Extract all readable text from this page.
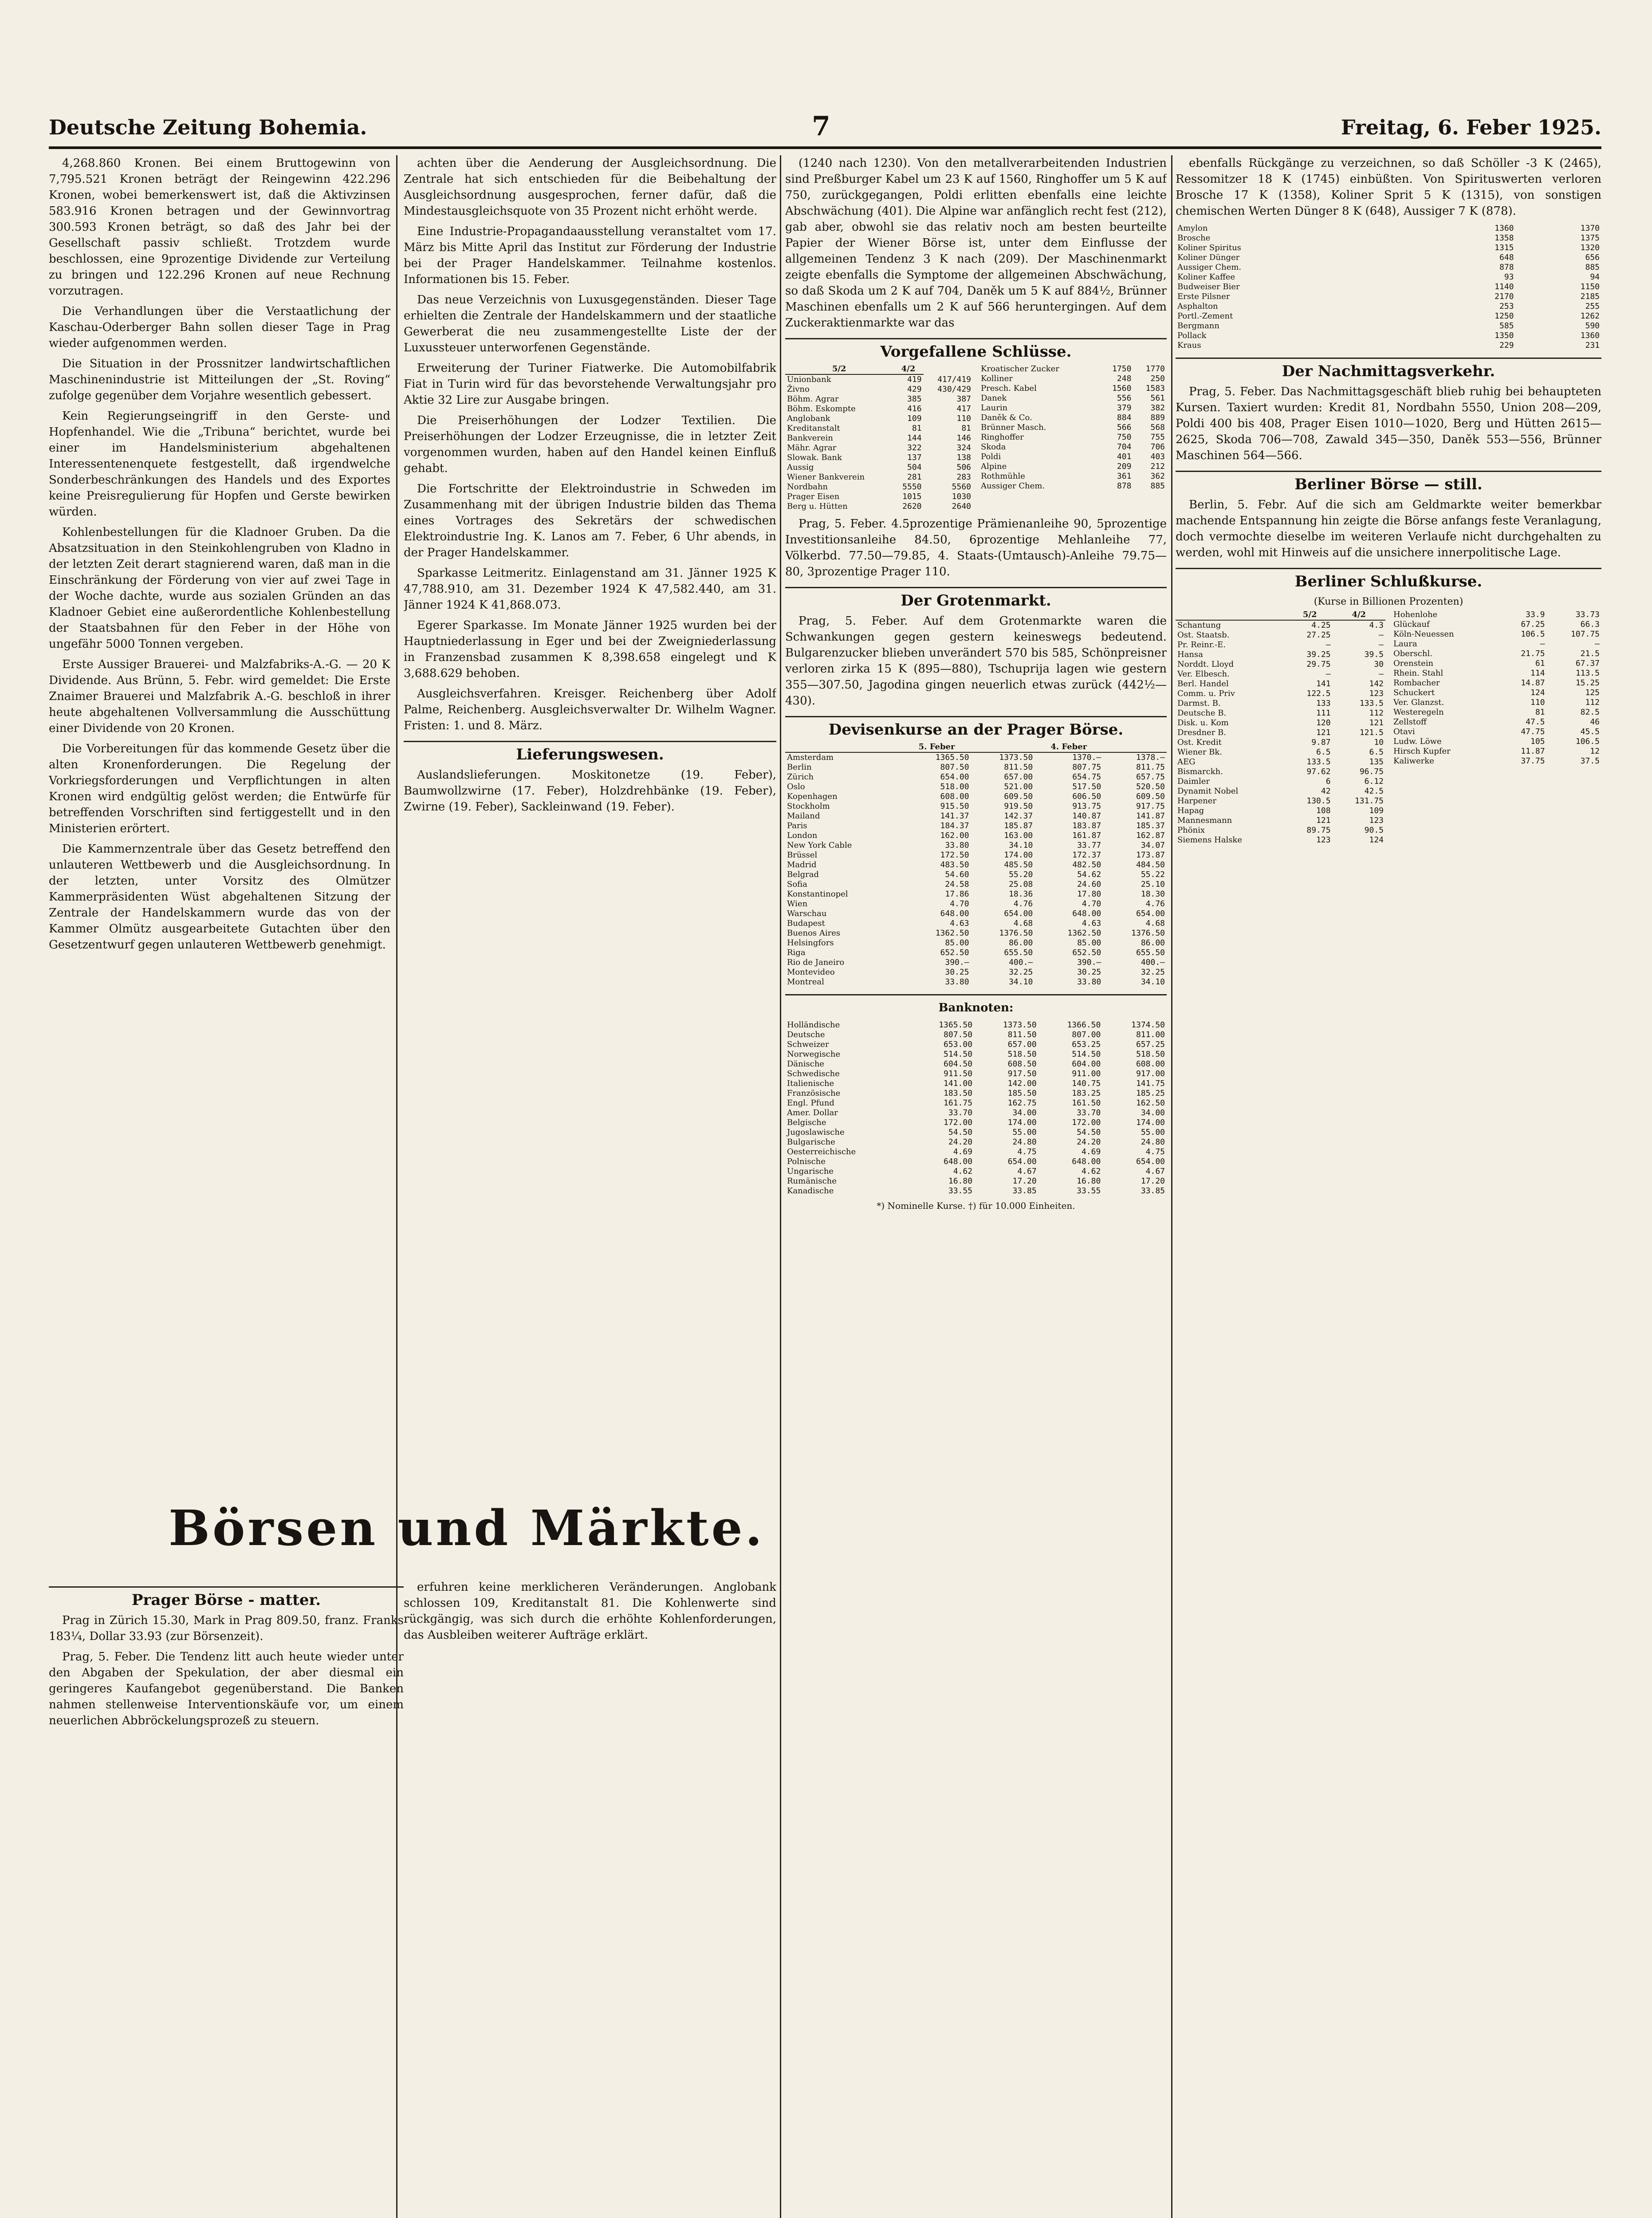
Deutsche Zeitung Bohemia.	7	Freitag, 6. Feber 1925.

4,268.860 Kronen. Bei einem Bruttogewinn von 7,795.521 Kronen beträgt der Reingewinn 422.296 Kronen, wobei bemerkenswert ist, daß die Aktivzinsen 583.916 Kronen betragen und der Gewinnvortrag 300.593 Kronen beträgt, so daß des Jahr bei der Gesellschaft passiv schließt. Trotzdem wurde beschlossen, eine 9prozentige Dividende zur Verteilung zu bringen und 122.296 Kronen auf neue Rechnung vorzutragen.

Die Verhandlungen über die Verstaatlichung der Kaschau-Oderberger Bahn sollen dieser Tage in Prag wieder aufgenommen werden.

Die Situation in der Prossnitzer landwirtschaftlichen Maschinenindustrie ist Mitteilungen der „St. Roving“ zufolge gegenüber dem Vorjahre wesentlich gebessert.

Kein Regierungseingriff in den Gerste- und Hopfenhandel. Wie die „Tribuna“ berichtet, wurde bei einer im Handelsministerium abgehaltenen Interessentenenquete festgestellt, daß irgendwelche Sonderbeschränkungen des Handels und des Exportes keine Preisregulierung für Hopfen und Gerste bewirken würden.

Kohlenbestellungen für die Kladnoer Gruben. Da die Absatzsituation in den Steinkohlengruben von Kladno in der letzten Zeit derart stagnierend waren, daß man in die Einschränkung der Förderung von vier auf zwei Tage in der Woche dachte, wurde aus sozialen Gründen an das Kladnoer Gebiet eine außerordentliche Kohlenbestellung der Staatsbahnen für den Feber in der Höhe von ungefähr 5000 Tonnen vergeben.

Erste Aussiger Brauerei- und Malzfabriks-A.-G. — 20 K Dividende. Aus Brünn, 5. Febr. wird gemeldet: Die Erste Znaimer Brauerei und Malzfabrik A.-G. beschloß in ihrer heute abgehaltenen Vollversammlung die Ausschüttung einer Dividende von 20 Kronen.

Die Vorbereitungen für das kommende Gesetz über die alten Kronenforderungen. Die Regelung der Vorkriegsforderungen und Verpflichtungen in alten Kronen wird endgültig gelöst werden; die Entwürfe für betreffenden Vorschriften sind fertiggestellt und in den Ministerien erörtert.

Die Kammernzentrale über das Gesetz betreffend den unlauteren Wettbewerb und die Ausgleichsordnung. In der letzten, unter Vorsitz des Olmützer Kammerpräsidenten Wüst abgehaltenen Sitzung der Zentrale der Handelskammern wurde das von der Kammer Olmütz ausgearbeitete Gutachten über den Gesetzentwurf gegen unlauteren Wettbewerb genehmigt.

achten über die Aenderung der Ausgleichsordnung. Die Zentrale hat sich entschieden für die Beibehaltung der Ausgleichsordnung ausgesprochen, ferner dafür, daß die Mindestausgleichsquote von 35 Prozent nicht erhöht werde.

Eine Industrie-Propagandaausstellung veranstaltet vom 17. März bis Mitte April das Institut zur Förderung der Industrie bei der Prager Handelskammer. Teilnahme kostenlos. Informationen bis 15. Feber.

Das neue Verzeichnis von Luxusgegenständen. Dieser Tage erhielten die Zentrale der Handelskammern und der staatliche Gewerberat die neu zusammengestellte Liste der der Luxussteuer unterworfenen Gegenstände.

Erweiterung der Turiner Fiatwerke. Die Automobilfabrik Fiat in Turin wird für das bevorstehende Verwaltungsjahr pro Aktie 32 Lire zur Ausgabe bringen.

Die Preiserhöhungen der Lodzer Textilien. Die Preiserhöhungen der Lodzer Erzeugnisse, die in letzter Zeit vorgenommen wurden, haben auf den Handel keinen Einfluß gehabt.

Die Fortschritte der Elektroindustrie in Schweden im Zusammenhang mit der übrigen Industrie bilden das Thema eines Vortrages des Sekretärs der schwedischen Elektroindustrie Ing. K. Lanos am 7. Feber, 6 Uhr abends, in der Prager Handelskammer.

Sparkasse Leitmeritz. Einlagenstand am 31. Jänner 1925 K 47,788.910, am 31. Dezember 1924 K 47,582.440, am 31. Jänner 1924 K 41,868.073.

Egerer Sparkasse. Im Monate Jänner 1925 wurden bei der Hauptniederlassung in Eger und bei der Zweigniederlassung in Franzensbad zusammen K 8,398.658 eingelegt und K 3,688.629 behoben.

Ausgleichsverfahren. Kreisger. Reichenberg über Adolf Palme, Reichenberg. Ausgleichsverwalter Dr. Wilhelm Wagner. Fristen: 1. und 8. März.

Lieferungswesen.

Auslandslieferungen. Moskitonetze (19. Feber), Baumwollzwirne (17. Feber), Holzdrehbänke (19. Feber), Zwirne (19. Feber), Sackleinwand (19. Feber).

Börsen und Märkte.
Prager Börse - matter.

Prag in Zürich 15.30, Mark in Prag 809.50, franz. Franks 183¼, Dollar 33.93 (zur Börsenzeit).

Prag, 5. Feber. Die Tendenz litt auch heute wieder unter den Abgaben der Spekulation, der aber diesmal ein geringeres Kaufangebot gegenüberstand. Die Banken nahmen stellenweise Interventionskäufe vor, um einem neuerlichen Abbröckelungsprozeß zu steuern.

erfuhren keine merklicheren Veränderungen. Anglobank schlossen 109, Kreditanstalt 81. Die Kohlenwerte sind rückgängig, was sich durch die erhöhte Kohlenforderungen, das Ausbleiben weiterer Aufträge erklärt.

(1240 nach 1230). Von den metallverarbeitenden Industrien sind Preßburger Kabel um 23 K auf 1560, Ringhoffer um 5 K auf 750, zurückgegangen, Poldi erlitten ebenfalls eine leichte Abschwächung (401). Die Alpine war anfänglich recht fest (212), gab aber, obwohl sie das relativ noch am besten beurteilte Papier der Wiener Börse ist, unter dem Einflusse der allgemeinen Tendenz 3 K nach (209). Der Maschinenmarkt zeigte ebenfalls die Symptome der allgemeinen Abschwächung, so daß Skoda um 2 K auf 704, Daněk um 5 K auf 884½, Brünner Maschinen ebenfalls um 2 K auf 566 heruntergingen. Auf dem Zuckeraktienmarkte war das

Vorgefallene Schlüsse.
5/2	4/2	
Unionbank	419	417/419
Živno	429	430/429
Böhm. Agrar	385	387
Böhm. Eskompte	416	417
Anglobank	109	110
Kreditanstalt	81	81
Bankverein	144	146
Mähr. Agrar	322	324
Slowak. Bank	137	138
Aussig	504	506
Wiener Bankverein	281	283
Nordbahn	5550	5560
Prager Eisen	1015	1030
Berg u. Hütten	2620	2640
Kroatischer Zucker	1750	1770
Kolliner	248	250
Presch. Kabel	1560	1583
Danek	556	561
Laurin	379	382
Daněk & Co.	884	889
Brünner Masch.	566	568
Ringhoffer	750	755
Skoda	704	706
Poldi	401	403
Alpine	209	212
Rothmühle	361	362
Aussiger Chem.	878	885

Prag, 5. Feber. 4.5prozentige Prämienanleihe 90, 5prozentige Investitionsanleihe 84.50, 6prozentige Mehlanleihe 77, Völkerbd. 77.50—79.85, 4. Staats-(Umtausch)-Anleihe 79.75—80, 3prozentige Prager 110.

Der Grotenmarkt.

Prag, 5. Feber. Auf dem Grotenmarkte waren die Schwankungen gegen gestern keineswegs bedeutend. Bulgarenzucker blieben unverändert 570 bis 585, Schönpreisner verloren zirka 15 K (895—880), Tschuprija lagen wie gestern 355—307.50, Jagodina gingen neuerlich etwas zurück (442½—430).

Devisenkurse an der Prager Börse.
	5. Feber		4. Feber	
Amsterdam	1365.50	1373.50	1370.—	1378.—
Berlin	807.50	811.50	807.75	811.75
Zürich	654.00	657.00	654.75	657.75
Oslo	518.00	521.00	517.50	520.50
Kopenhagen	608.00	609.50	606.50	609.50
Stockholm	915.50	919.50	913.75	917.75
Mailand	141.37	142.37	140.87	141.87
Paris	184.37	185.87	183.87	185.37
London	162.00	163.00	161.87	162.87
New York Cable	33.80	34.10	33.77	34.07
Brüssel	172.50	174.00	172.37	173.87
Madrid	483.50	485.50	482.50	484.50
Belgrad	54.60	55.20	54.62	55.22
Sofia	24.58	25.08	24.60	25.10
Konstantinopel	17.86	18.36	17.80	18.30
Wien	4.70	4.76	4.70	4.76
Warschau	648.00	654.00	648.00	654.00
Budapest	4.63	4.68	4.63	4.68
Buenos Aires	1362.50	1376.50	1362.50	1376.50
Helsingfors	85.00	86.00	85.00	86.00
Riga	652.50	655.50	652.50	655.50
Rio de Janeiro	390.—	400.—	390.—	400.—
Montevideo	30.25	32.25	30.25	32.25
Montreal	33.80	34.10	33.80	34.10
Banknoten:
Holländische	1365.50	1373.50	1366.50	1374.50
Deutsche	807.50	811.50	807.00	811.00
Schweizer	653.00	657.00	653.25	657.25
Norwegische	514.50	518.50	514.50	518.50
Dänische	604.50	608.50	604.00	608.00
Schwedische	911.50	917.50	911.00	917.00
Italienische	141.00	142.00	140.75	141.75
Französische	183.50	185.50	183.25	185.25
Engl. Pfund	161.75	162.75	161.50	162.50
Amer. Dollar	33.70	34.00	33.70	34.00
Belgische	172.00	174.00	172.00	174.00
Jugoslawische	54.50	55.00	54.50	55.00
Bulgarische	24.20	24.80	24.20	24.80
Oesterreichische	4.69	4.75	4.69	4.75
Polnische	648.00	654.00	648.00	654.00
Ungarische	4.62	4.67	4.62	4.67
Rumänische	16.80	17.20	16.80	17.20
Kanadische	33.55	33.85	33.55	33.85
*) Nominelle Kurse. †) für 10.000 Einheiten.

ebenfalls Rückgänge zu verzeichnen, so daß Schöller -3 K (2465), Ressomitzer 18 K (1745) einbüßten. Von Spirituswerten verloren Brosche 17 K (1358), Koliner Sprit 5 K (1315), von sonstigen chemischen Werten Dünger 8 K (648), Aussiger 7 K (878).

Amylon	1360	1370
Brosche	1358	1375
Koliner Spiritus	1315	1320
Koliner Dünger	648	656
Aussiger Chem.	878	885
Koliner Kaffee	93	94
Budweiser Bier	1140	1150
Erste Pilsner	2170	2185
Asphalton	253	255
Portl.-Zement	1250	1262
Bergmann	585	590
Pollack	1350	1360
Kraus	229	231
Der Nachmittagsverkehr.

Prag, 5. Feber. Das Nachmittagsgeschäft blieb ruhig bei behaupteten Kursen. Taxiert wurden: Kredit 81, Nordbahn 5550, Union 208—209, Poldi 400 bis 408, Prager Eisen 1010—1020, Berg und Hütten 2615—2625, Skoda 706—708, Zawald 345—350, Daněk 553—556, Brünner Maschinen 564—566.

Berliner Börse — still.

Berlin, 5. Febr. Auf die sich am Geldmarkte weiter bemerkbar machende Entspannung hin zeigte die Börse anfangs feste Veranlagung, doch vermochte dieselbe im weiteren Verlaufe nicht durchgehalten zu werden, wohl mit Hinweis auf die unsichere innerpolitische Lage.

Berliner Schlußkurse.
(Kurse in Billionen Prozenten)
	5/2	4/2
Schantung	4.25	4.3
Ost. Staatsb.	27.25	—
Pr. Reinr.-E.	—	—
Hansa	39.25	39.5
Norddt. Lloyd	29.75	30
Ver. Elbesch.	—	—
Berl. Handel	141	142
Comm. u. Priv	122.5	123
Darmst. B.	133	133.5
Deutsche B.	111	112
Disk. u. Kom	120	121
Dresdner B.	121	121.5
Ost. Kredit	9.87	10
Wiener Bk.	6.5	6.5
AEG	133.5	135
Bismarckh.	97.62	96.75
Daimler	6	6.12
Dynamit Nobel	42	42.5
Harpener	130.5	131.75
Hapag	108	109
Mannesmann	121	123
Phönix	89.75	90.5
Siemens Halske	123	124
Hohenlohe	33.9	33.73
Glückauf	67.25	66.3
Köln-Neuessen	106.5	107.75
Laura	—	—
Oberschl.	21.75	21.5
Orenstein	61	67.37
Rhein. Stahl	114	113.5
Rombacher	14.87	15.25
Schuckert	124	125
Ver. Glanzst.	110	112
Westeregeln	81	82.5
Zellstoff	47.5	46
Otavi	47.75	45.5
Ludw. Löwe	105	106.5
Hirsch Kupfer	11.87	12
Kaliwerke	37.75	37.5
